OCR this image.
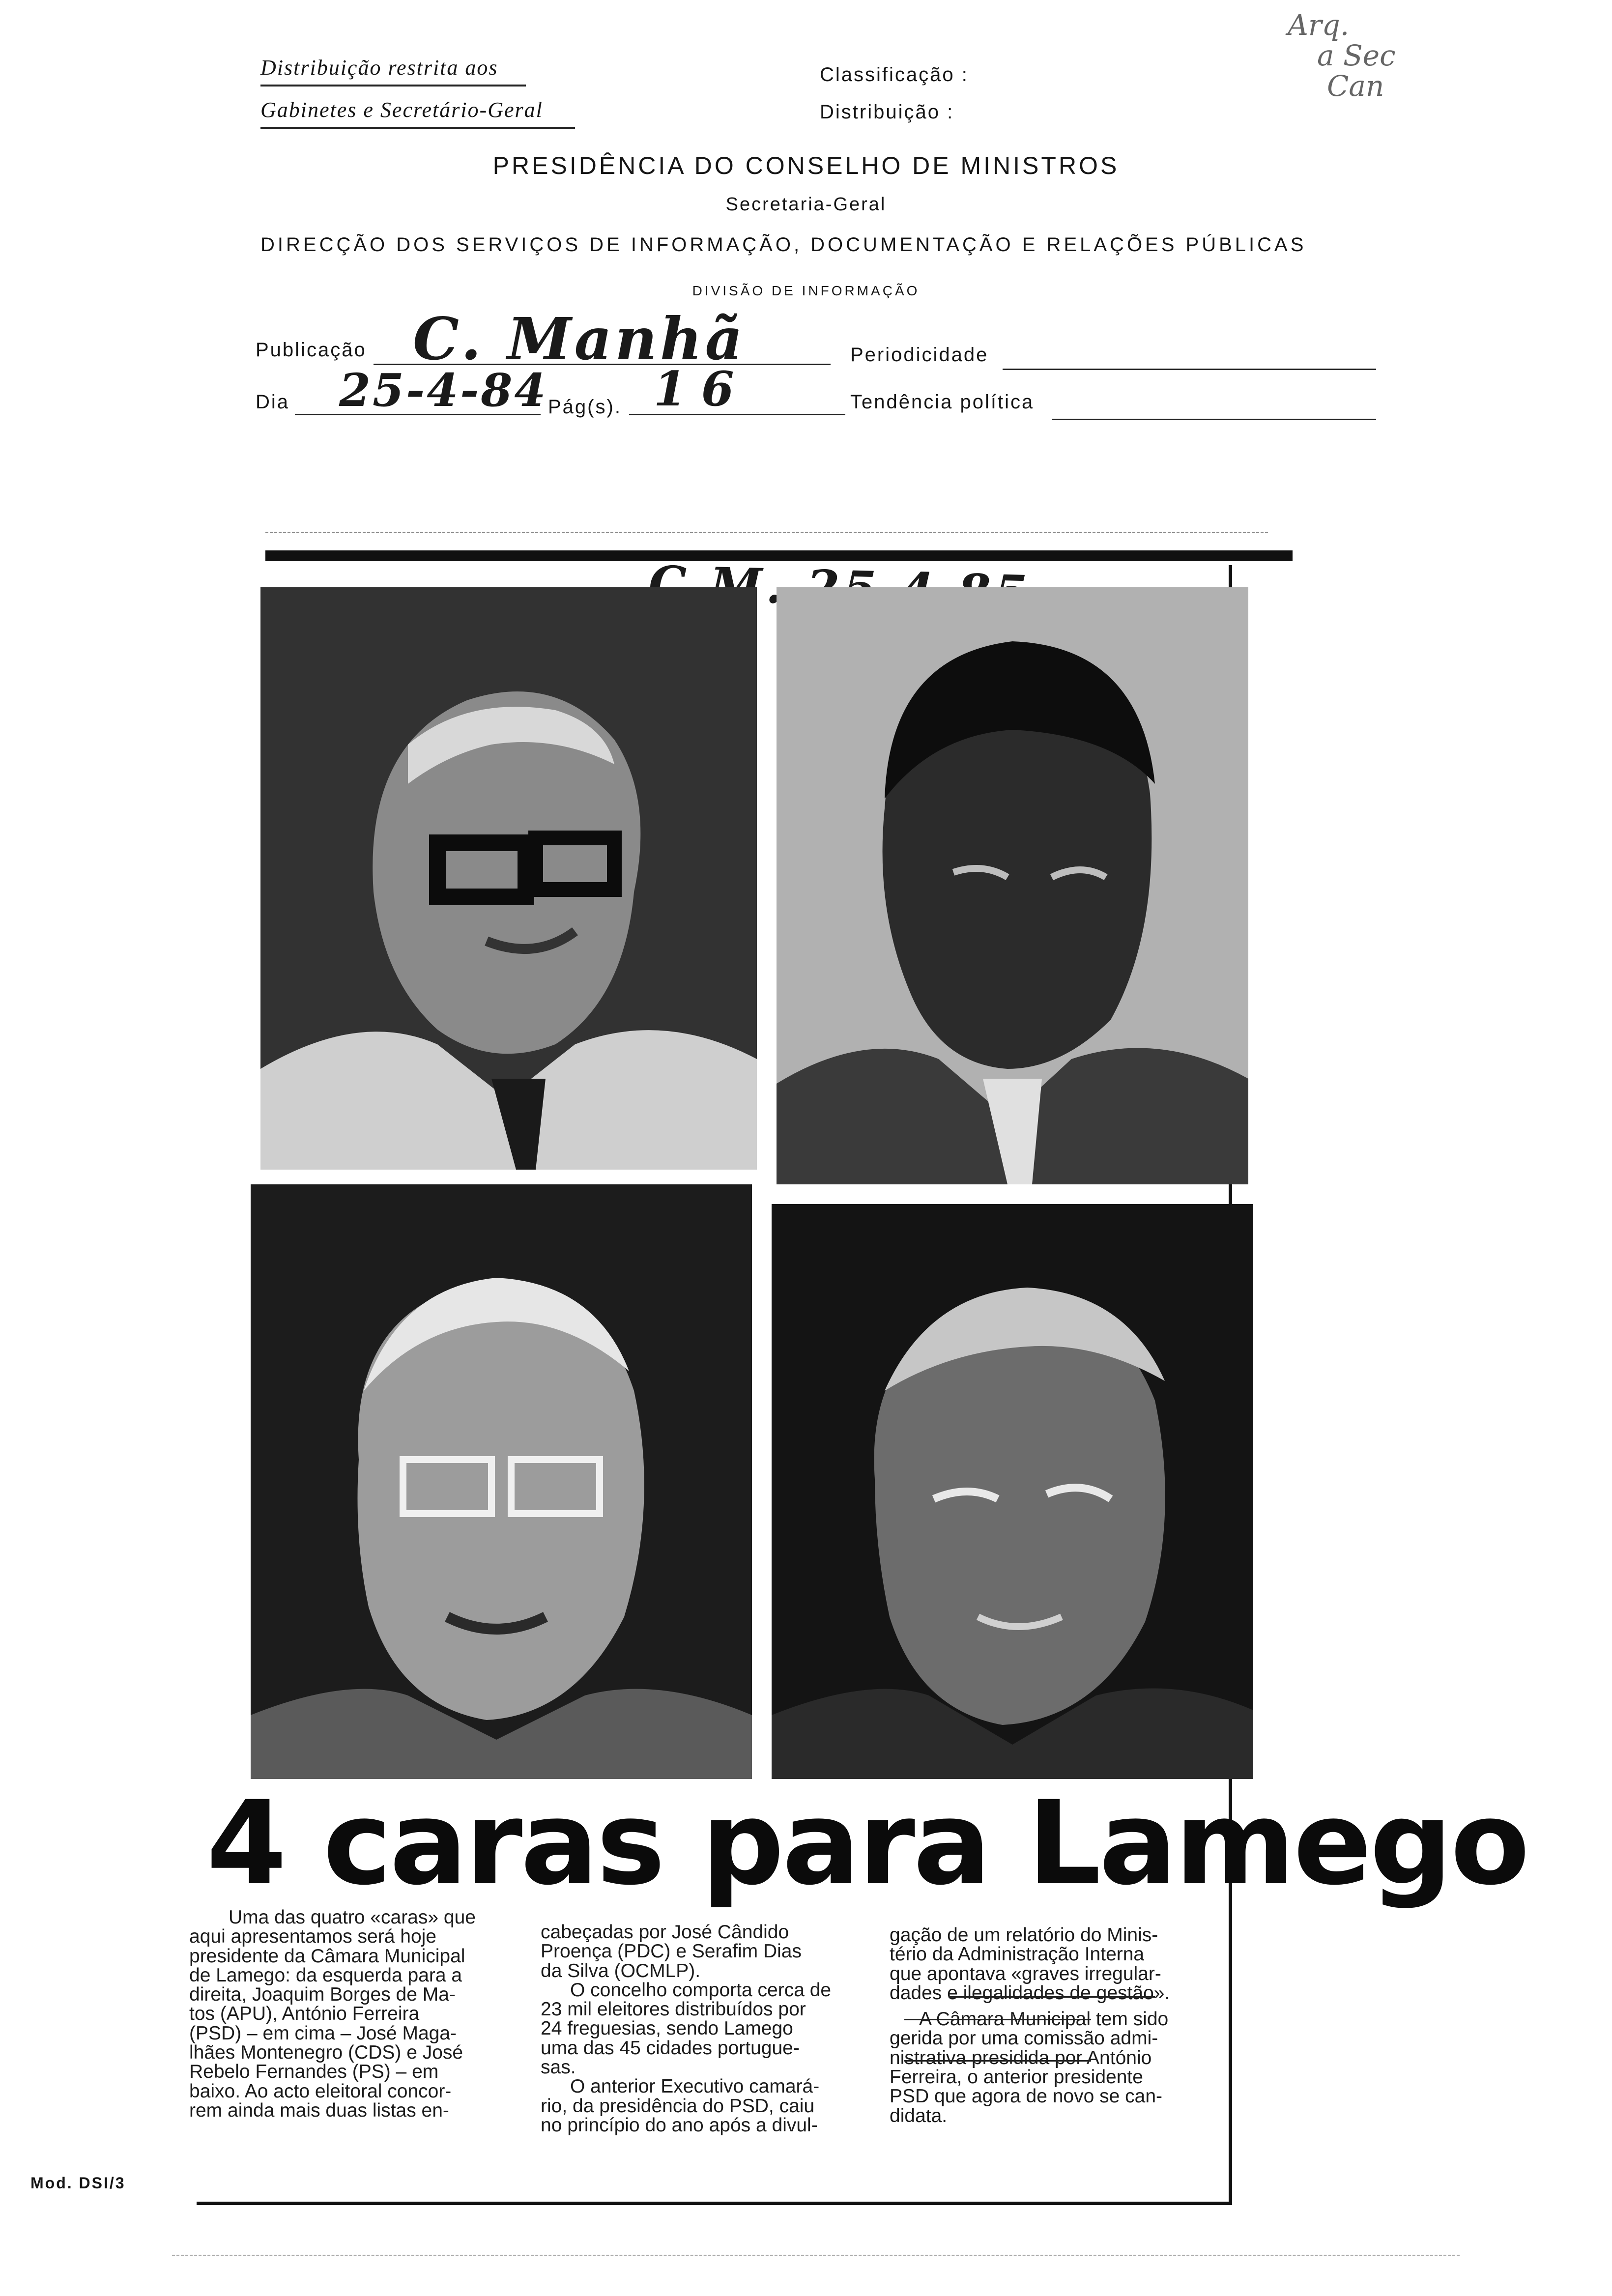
Distribuição restrita aos
Gabinetes e Secretário-Geral
Classificação :
Distribuição :
Arq.
a Sec
Can
PRESIDÊNCIA DO CONSELHO DE MINISTROS
Secretaria-Geral
DIRECÇÃO DOS SERVIÇOS DE INFORMAÇÃO, DOCUMENTAÇÃO E RELAÇÕES PÚBLICAS
DIVISÃO DE INFORMAÇÃO
Publicação C. Manhã	Periodicidade
Dia 25-4-84 Pág(s). 16	Tendência política
C.M.
4 caras para Lamego
Uma das quatro «caras» que
aqui apresentamos será hoje
presidente da Câmara Municipal
de Lamego: da esquerda para a
direita, Joaquim Borges de Ma-
tos (APU), António Ferreira
(PSD) – em cima – José Maga-
lhães Montenegro (CDS) e José
Rebelo Fernandes (PS) – em
baixo. Ao acto eleitoral concor-
rem ainda mais duas listas en-
cabeçadas por José Cândido
Proença (PDC) e Serafim Dias
da Silva (OCMLP).
O concelho comporta cerca de
23 mil eleitores distribuídos por
24 freguesias, sendo Lamego
uma das 45 cidades portugue-
sas.
O anterior Executivo camará-
rio, da presidência do PSD, caiu
no princípio do ano após a divul-
gação de um relatório do Minis-
tério da Administração Interna
que apontava «graves irregular-
dades e ilegalidades de gestão».
A Câmara Municipal tem sido
gerida por uma comissão admi-
nistrativa presidida por António
Ferreira, o anterior presidente
PSD que agora de novo se can-
didata.
Mod. DSI/3
